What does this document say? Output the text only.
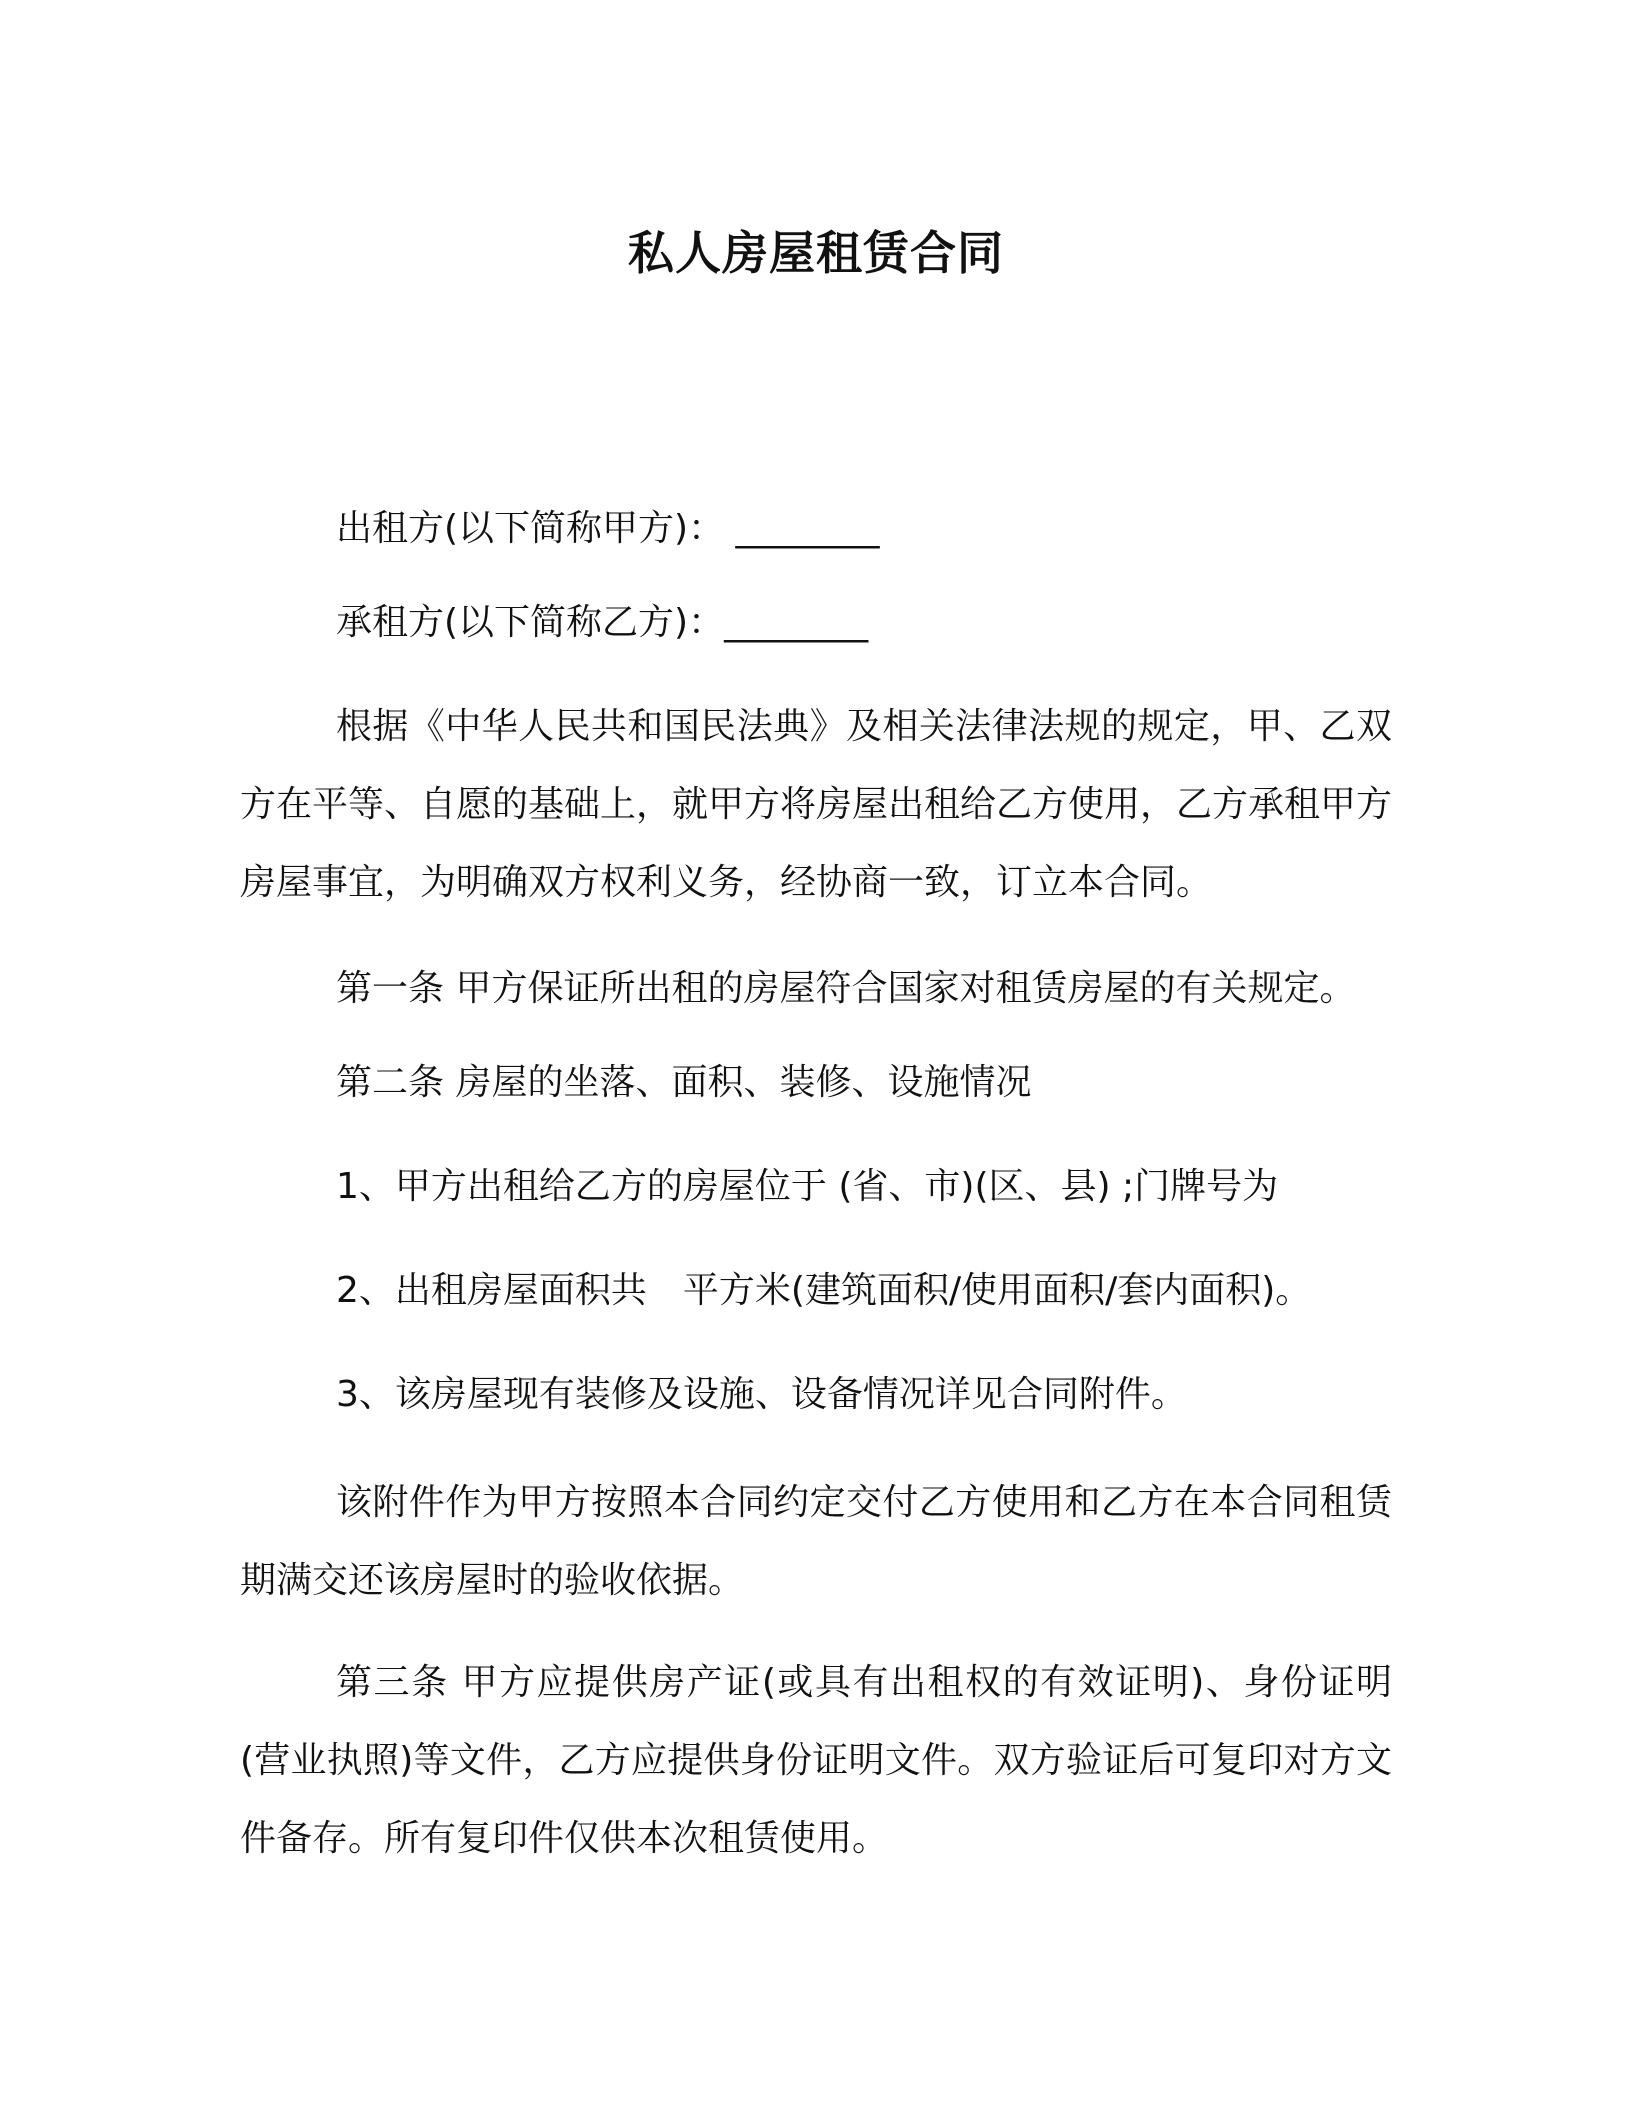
私人房屋租赁合同

出租方(以下简称甲方)： ________

承租方(以下简称乙方)：________

根据《中华人民共和国民法典》及相关法律法规的规定，甲、乙双方在平等、自愿的基础上，就甲方将房屋出租给乙方使用，乙方承租甲方房屋事宜，为明确双方权利义务，经协商一致，订立本合同。

第一条 甲方保证所出租的房屋符合国家对租赁房屋的有关规定。

第二条 房屋的坐落、面积、装修、设施情况

1、甲方出租给乙方的房屋位于 (省、市)(区、县) ;门牌号为

2、出租房屋面积共　平方米(建筑面积/使用面积/套内面积)。

3、该房屋现有装修及设施、设备情况详见合同附件。

该附件作为甲方按照本合同约定交付乙方使用和乙方在本合同租赁期满交还该房屋时的验收依据。

第三条 甲方应提供房产证(或具有出租权的有效证明)、身份证明(营业执照)等文件，乙方应提供身份证明文件。双方验证后可复印对方文件备存。所有复印件仅供本次租赁使用。
